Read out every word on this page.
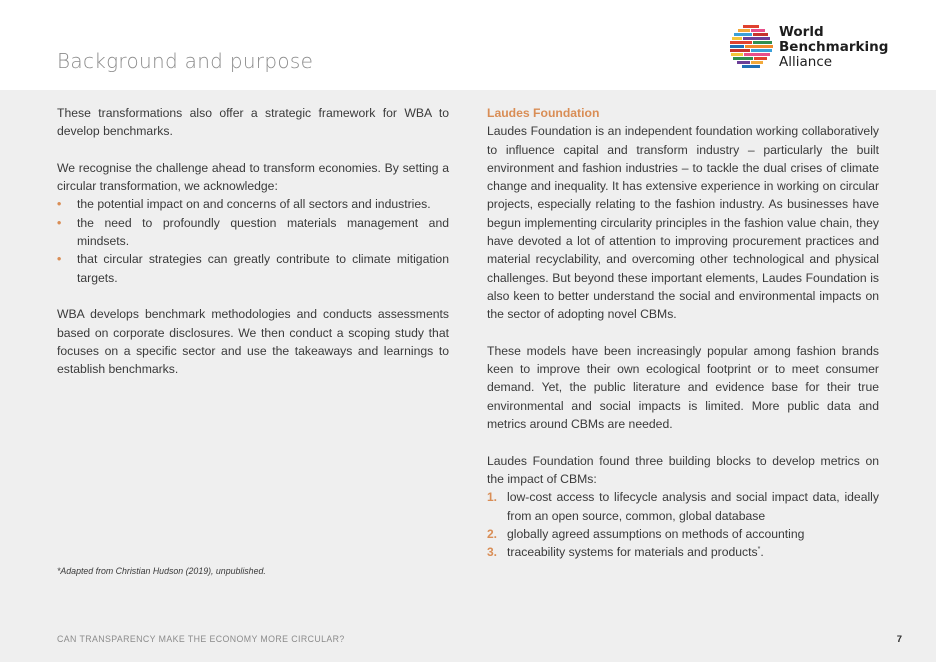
Background and purpose
World
Benchmarking
Alliance

These transformations also offer a strategic framework for WBA to develop benchmarks.

We recognise the challenge ahead to transform economies. By setting a circular transformation, we acknowledge:

• the potential impact on and concerns of all sectors and industries.
• the need to profoundly question materials management and mindsets.
• that circular strategies can greatly contribute to climate mitigation targets.

WBA develops benchmark methodologies and conducts assessments based on corporate disclosures. We then conduct a scoping study that focuses on a specific sector and use the takeaways and learnings to establish benchmarks.

*Adapted from Christian Hudson (2019), unpublished.
Laudes Foundation

Laudes Foundation is an independent foundation working collaboratively to influence capital and transform industry – particularly the built environment and fashion industries – to tackle the dual crises of climate change and inequality. It has extensive experience in working on circular projects, especially relating to the fashion industry. As businesses have begun implementing circularity principles in the fashion value chain, they have devoted a lot of attention to improving procurement practices and material recyclability, and overcoming other technological and physical challenges. But beyond these important elements, Laudes Foundation is also keen to better understand the social and environmental impacts on the sector of adopting novel CBMs.

These models have been increasingly popular among fashion brands keen to improve their own ecological footprint or to meet consumer demand. Yet, the public literature and evidence base for their true environmental and social impacts is limited. More public data and metrics around CBMs are needed.

Laudes Foundation found three building blocks to develop metrics on the impact of CBMs:

1. low-cost access to lifecycle analysis and social impact data, ideally from an open source, common, global database
2. globally agreed assumptions on methods of accounting
3. traceability systems for materials and products*.
CAN TRANSPARENCY MAKE THE ECONOMY MORE CIRCULAR?	7
